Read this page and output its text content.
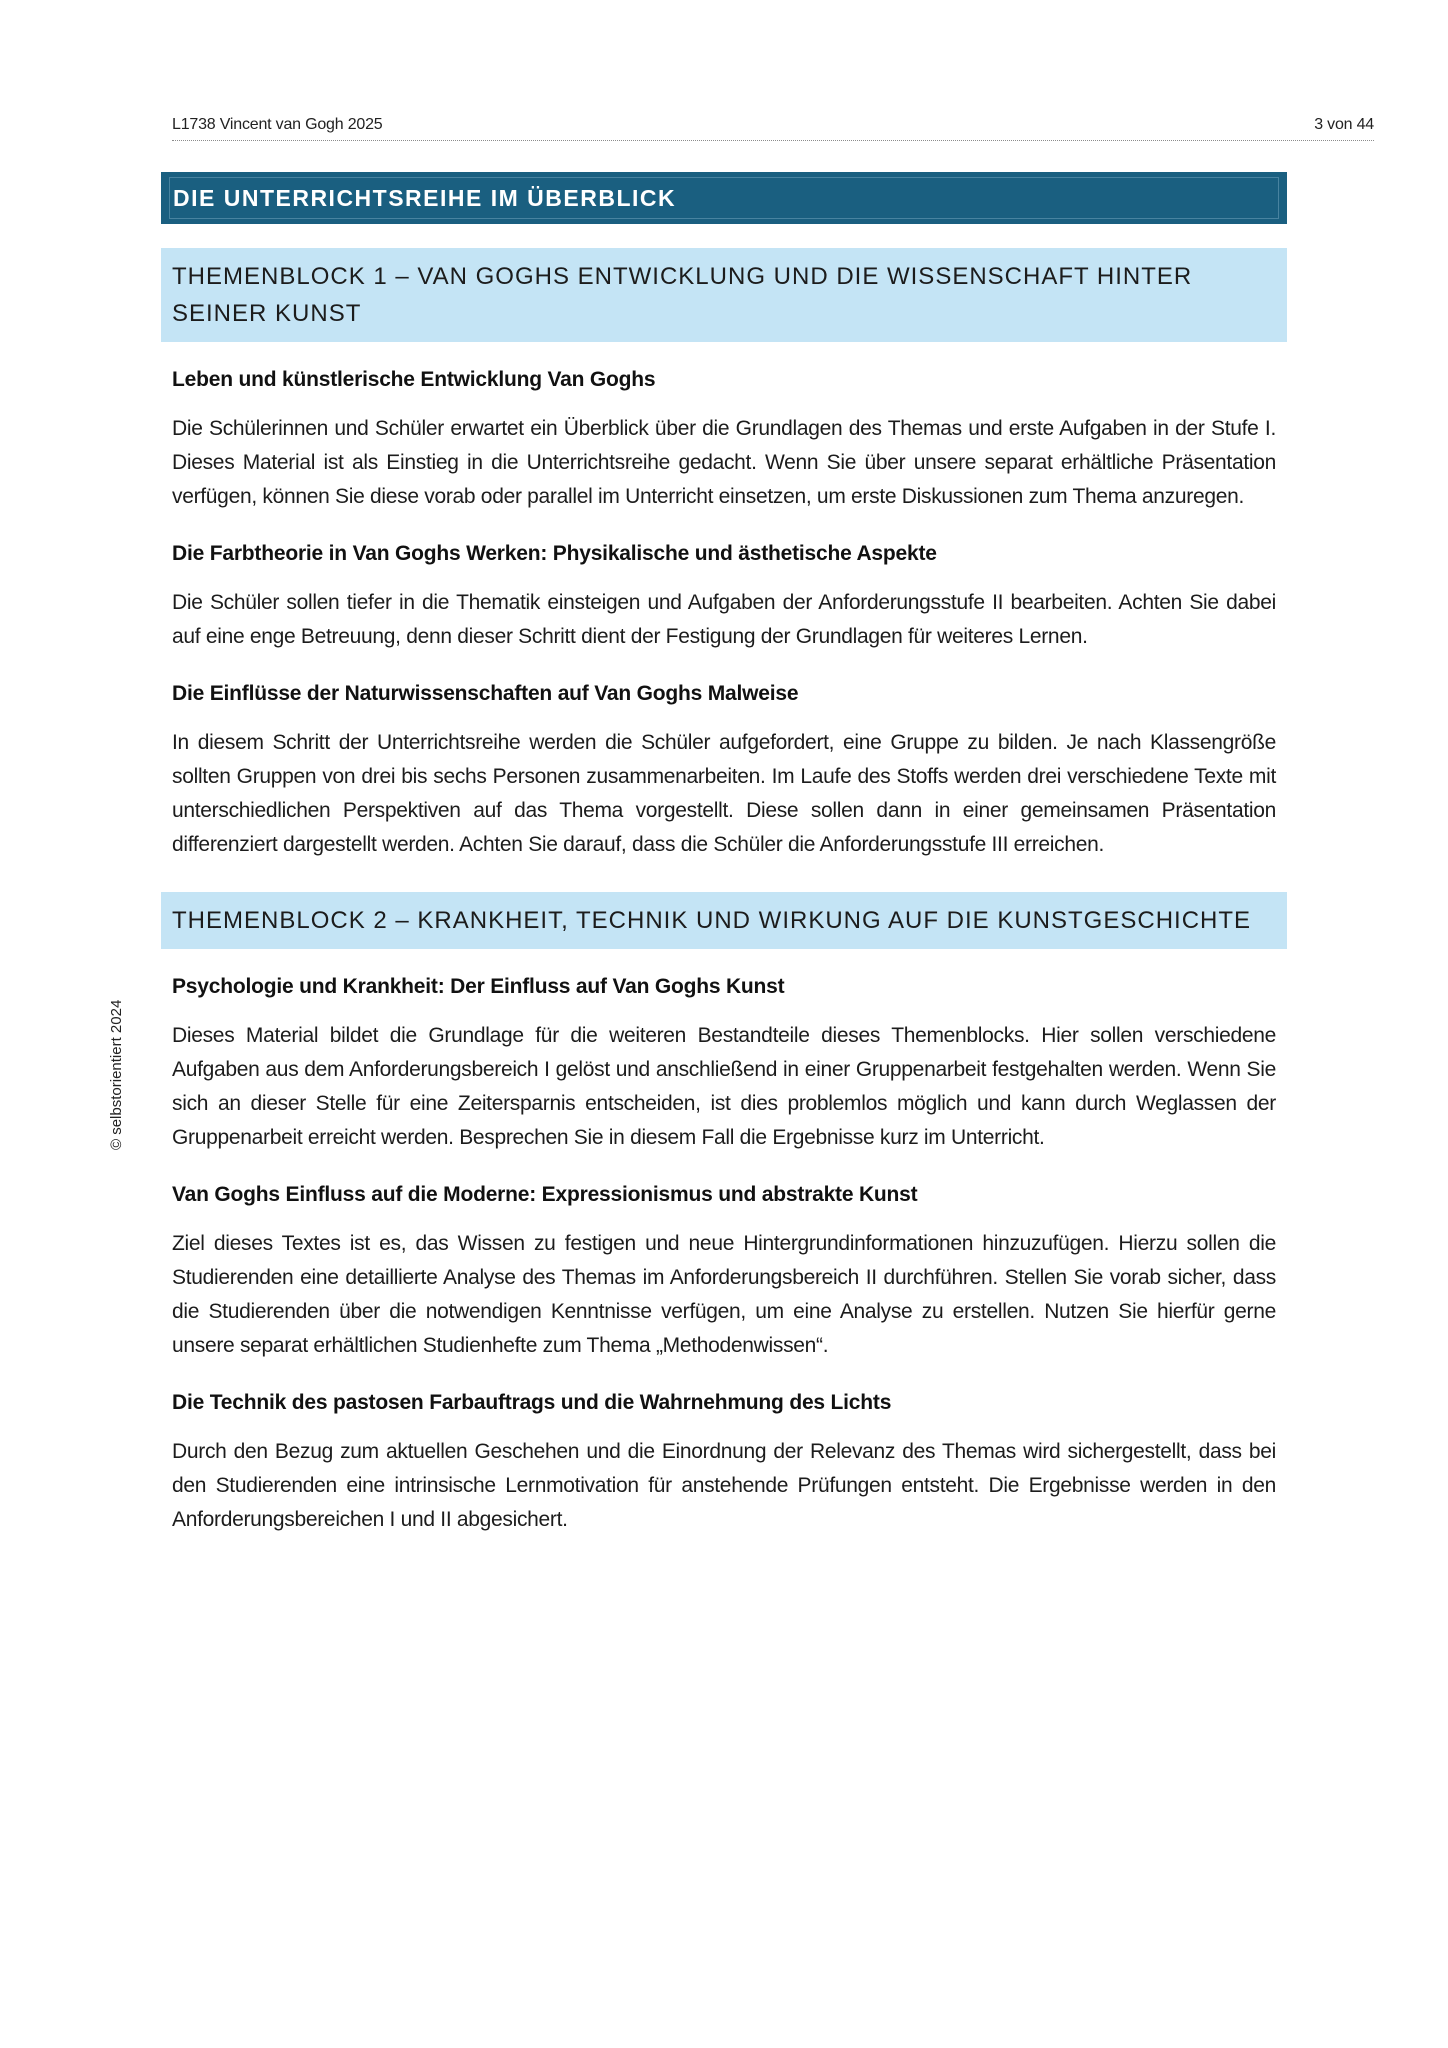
L1738 Vincent van Gogh 2025	3 von 44
© selbstorientiert 2024
DIE UNTERRICHTSREIHE IM ÜBERBLICK
THEMENBLOCK 1 – VAN GOGHS ENTWICKLUNG UND DIE WISSENSCHAFT HINTER SEINER KUNST
Leben und künstlerische Entwicklung Van Goghs
Die Schülerinnen und Schüler erwartet ein Überblick über die Grundlagen des Themas und erste Aufgaben in der Stufe I. Dieses Material ist als Einstieg in die Unterrichtsreihe gedacht. Wenn Sie über unsere separat erhältliche Präsentation verfügen, können Sie diese vorab oder parallel im Unterricht einsetzen, um erste Diskussionen zum Thema anzuregen.
Die Farbtheorie in Van Goghs Werken: Physikalische und ästhetische Aspekte
Die Schüler sollen tiefer in die Thematik einsteigen und Aufgaben der Anforderungsstufe II bearbeiten. Achten Sie dabei auf eine enge Betreuung, denn dieser Schritt dient der Festigung der Grundlagen für weiteres Lernen.
Die Einflüsse der Naturwissenschaften auf Van Goghs Malweise
In diesem Schritt der Unterrichtsreihe werden die Schüler aufgefordert, eine Gruppe zu bilden. Je nach Klassengröße sollten Gruppen von drei bis sechs Personen zusammenarbeiten. Im Laufe des Stoffs werden drei verschiedene Texte mit unterschiedlichen Perspektiven auf das Thema vorgestellt. Diese sollen dann in einer gemeinsamen Präsentation differenziert dargestellt werden. Achten Sie darauf, dass die Schüler die Anforderungsstufe III erreichen.
THEMENBLOCK 2 – KRANKHEIT, TECHNIK UND WIRKUNG AUF DIE KUNSTGESCHICHTE
Psychologie und Krankheit: Der Einfluss auf Van Goghs Kunst
Dieses Material bildet die Grundlage für die weiteren Bestandteile dieses Themenblocks. Hier sollen verschiedene Aufgaben aus dem Anforderungsbereich I gelöst und anschließend in einer Gruppenarbeit festgehalten werden. Wenn Sie sich an dieser Stelle für eine Zeitersparnis entscheiden, ist dies problemlos möglich und kann durch Weglassen der Gruppenarbeit erreicht werden. Besprechen Sie in diesem Fall die Ergebnisse kurz im Unterricht.
Van Goghs Einfluss auf die Moderne: Expressionismus und abstrakte Kunst
Ziel dieses Textes ist es, das Wissen zu festigen und neue Hintergrundinformationen hinzuzufügen. Hierzu sollen die Studierenden eine detaillierte Analyse des Themas im Anforderungsbereich II durchführen. Stellen Sie vorab sicher, dass die Studierenden über die notwendigen Kenntnisse verfügen, um eine Analyse zu erstellen. Nutzen Sie hierfür gerne unsere separat erhältlichen Studienhefte zum Thema „Methodenwissen“.
Die Technik des pastosen Farbauftrags und die Wahrnehmung des Lichts
Durch den Bezug zum aktuellen Geschehen und die Einordnung der Relevanz des Themas wird sichergestellt, dass bei den Studierenden eine intrinsische Lernmotivation für anstehende Prüfungen entsteht. Die Ergebnisse werden in den Anforderungsbereichen I und II abgesichert.
